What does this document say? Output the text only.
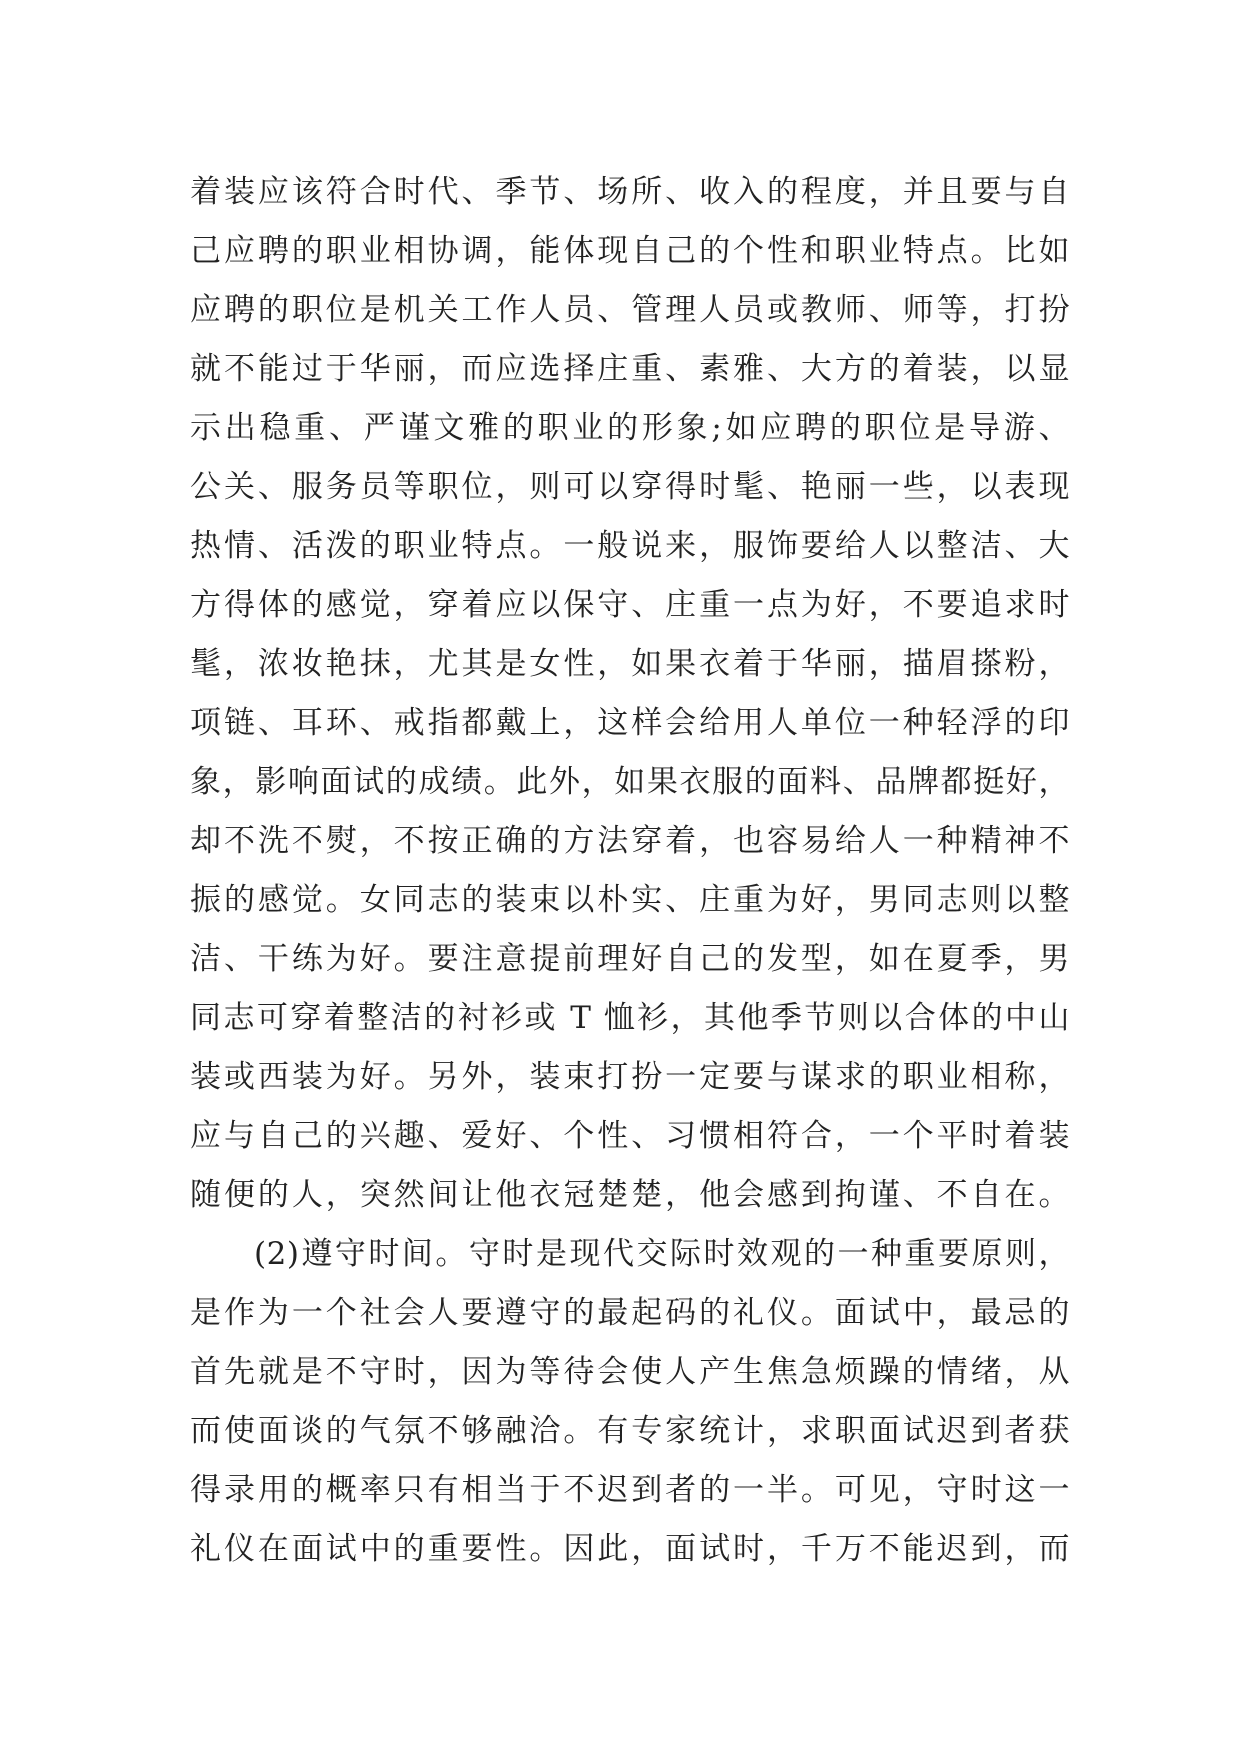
着装应该符合时代、季节、场所、收入的程度，并且要与自
己应聘的职业相协调，能体现自己的个性和职业特点。比如
应聘的职位是机关工作人员、管理人员或教师、师等，打扮
就不能过于华丽，而应选择庄重、素雅、大方的着装，以显
示出稳重、严谨文雅的职业的形象;如应聘的职位是导游、
公关、服务员等职位，则可以穿得时髦、艳丽一些，以表现
热情、活泼的职业特点。一般说来，服饰要给人以整洁、大
方得体的感觉，穿着应以保守、庄重一点为好，不要追求时
髦，浓妆艳抹，尤其是女性，如果衣着于华丽，描眉搽粉，
项链、耳环、戒指都戴上，这样会给用人单位一种轻浮的印
象，影响面试的成绩。此外，如果衣服的面料、品牌都挺好，
却不洗不熨，不按正确的方法穿着，也容易给人一种精神不
振的感觉。女同志的装束以朴实、庄重为好，男同志则以整
洁、干练为好。要注意提前理好自己的发型，如在夏季，男
同志可穿着整洁的衬衫或 T 恤衫，其他季节则以合体的中山
装或西装为好。另外，装束打扮一定要与谋求的职业相称，
应与自己的兴趣、爱好、个性、习惯相符合，一个平时着装
随便的人，突然间让他衣冠楚楚，他会感到拘谨、不自在。
(2)遵守时间。守时是现代交际时效观的一种重要原则，
是作为一个社会人要遵守的最起码的礼仪。面试中，最忌的
首先就是不守时，因为等待会使人产生焦急烦躁的情绪，从
而使面谈的气氛不够融洽。有专家统计，求职面试迟到者获
得录用的概率只有相当于不迟到者的一半。可见，守时这一
礼仪在面试中的重要性。因此，面试时，千万不能迟到，而
